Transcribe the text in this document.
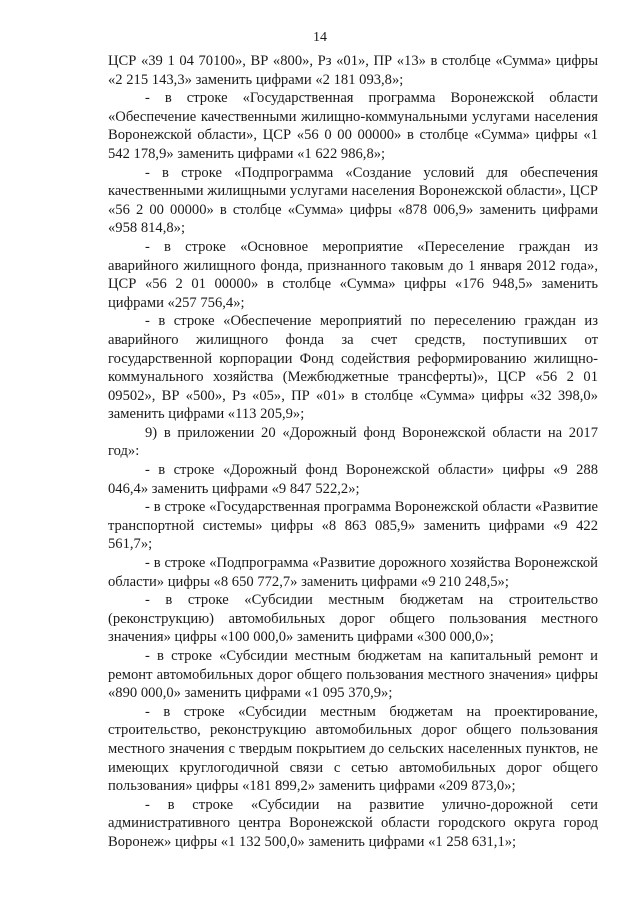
14

ЦСР «39 1 04 70100», ВР «800», Рз «01», ПР «13» в столбце «Сумма» цифры «2 215 143,3» заменить цифрами «2 181 093,8»;

- в строке «Государственная программа Воронежской области «Обеспечение качественными жилищно-коммунальными услугами населения Воронежской области», ЦСР «56 0 00 00000» в столбце «Сумма» цифры «1 542 178,9» заменить цифрами «1 622 986,8»;

- в строке «Подпрограмма «Создание условий для обеспечения качественными жилищными услугами населения Воронежской области», ЦСР «56 2 00 00000» в столбце «Сумма» цифры «878 006,9» заменить цифрами «958 814,8»;

- в строке «Основное мероприятие «Переселение граждан из аварийного жилищного фонда, признанного таковым до 1 января 2012 года», ЦСР «56 2 01 00000» в столбце «Сумма» цифры «176 948,5» заменить цифрами «257 756,4»;

- в строке «Обеспечение мероприятий по переселению граждан из аварийного жилищного фонда за счет средств, поступивших от государственной корпорации Фонд содействия реформированию жилищно-коммунального хозяйства (Межбюджетные трансферты)», ЦСР «56 2 01 09502», ВР «500», Рз «05», ПР «01» в столбце «Сумма» цифры «32 398,0» заменить цифрами «113 205,9»;

9) в приложении 20 «Дорожный фонд Воронежской области на 2017 год»:

- в строке «Дорожный фонд Воронежской области» цифры «9 288 046,4» заменить цифрами «9 847 522,2»;

- в строке «Государственная программа Воронежской области «Развитие транспортной системы» цифры «8 863 085,9» заменить цифрами «9 422 561,7»;

- в строке «Подпрограмма «Развитие дорожного хозяйства Воронежской области» цифры «8 650 772,7» заменить цифрами «9 210 248,5»;

- в строке «Субсидии местным бюджетам на строительство (реконструкцию) автомобильных дорог общего пользования местного значения» цифры «100 000,0» заменить цифрами «300 000,0»;

- в строке «Субсидии местным бюджетам на капитальный ремонт и ремонт автомобильных дорог общего пользования местного значения» цифры «890 000,0» заменить цифрами «1 095 370,9»;

- в строке «Субсидии местным бюджетам на проектирование, строительство, реконструкцию автомобильных дорог общего пользования местного значения с твердым покрытием до сельских населенных пунктов, не имеющих круглогодичной связи с сетью автомобильных дорог общего пользования» цифры «181 899,2» заменить цифрами «209 873,0»;

- в строке «Субсидии на развитие улично-дорожной сети административного центра Воронежской области городского округа город Воронеж» цифры «1 132 500,0» заменить цифрами «1 258 631,1»;
